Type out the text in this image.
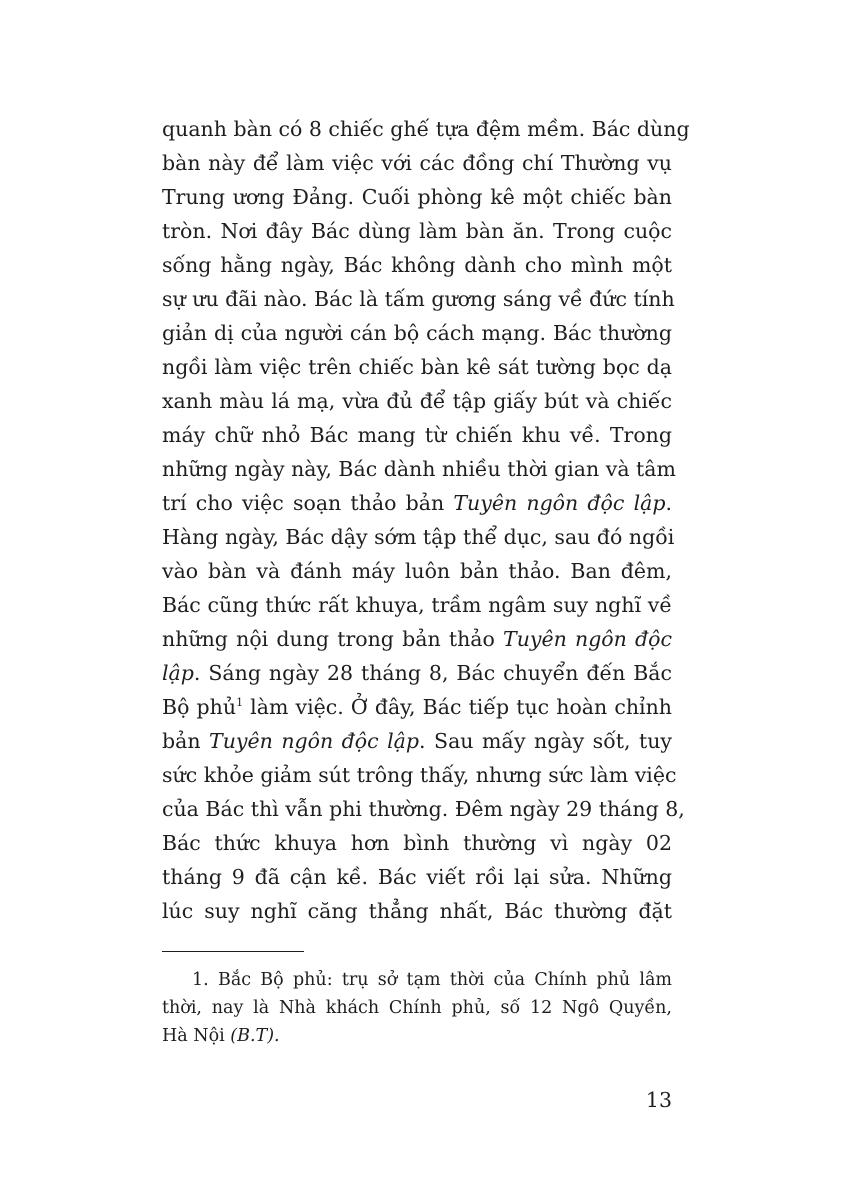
quanh bàn có 8 chiếc ghế tựa đệm mềm. Bác dùng
bàn này để làm việc với các đồng chí Thường vụ
Trung ương Đảng. Cuối phòng kê một chiếc bàn
tròn. Nơi đây Bác dùng làm bàn ăn. Trong cuộc
sống hằng ngày, Bác không dành cho mình một
sự ưu đãi nào. Bác là tấm gương sáng về đức tính
giản dị của người cán bộ cách mạng. Bác thường
ngồi làm việc trên chiếc bàn kê sát tường bọc dạ
xanh màu lá mạ, vừa đủ để tập giấy bút và chiếc
máy chữ nhỏ Bác mang từ chiến khu về. Trong
những ngày này, Bác dành nhiều thời gian và tâm
trí cho việc soạn thảo bản Tuyên ngôn độc lập.
Hàng ngày, Bác dậy sớm tập thể dục, sau đó ngồi
vào bàn và đánh máy luôn bản thảo. Ban đêm,
Bác cũng thức rất khuya, trầm ngâm suy nghĩ về
những nội dung trong bản thảo Tuyên ngôn độc
lập. Sáng ngày 28 tháng 8, Bác chuyển đến Bắc
Bộ phủ$^1$ làm việc. Ở đây, Bác tiếp tục hoàn chỉnh
bản Tuyên ngôn độc lập. Sau mấy ngày sốt, tuy
sức khỏe giảm sút trông thấy, nhưng sức làm việc
của Bác thì vẫn phi thường. Đêm ngày 29 tháng 8,
Bác thức khuya hơn bình thường vì ngày 02
tháng 9 đã cận kề. Bác viết rồi lại sửa. Những
lúc suy nghĩ căng thẳng nhất, Bác thường đặt
1. Bắc Bộ phủ: trụ sở tạm thời của Chính phủ lâm
thời, nay là Nhà khách Chính phủ, số 12 Ngô Quyền,
Hà Nội (B.T).
13
